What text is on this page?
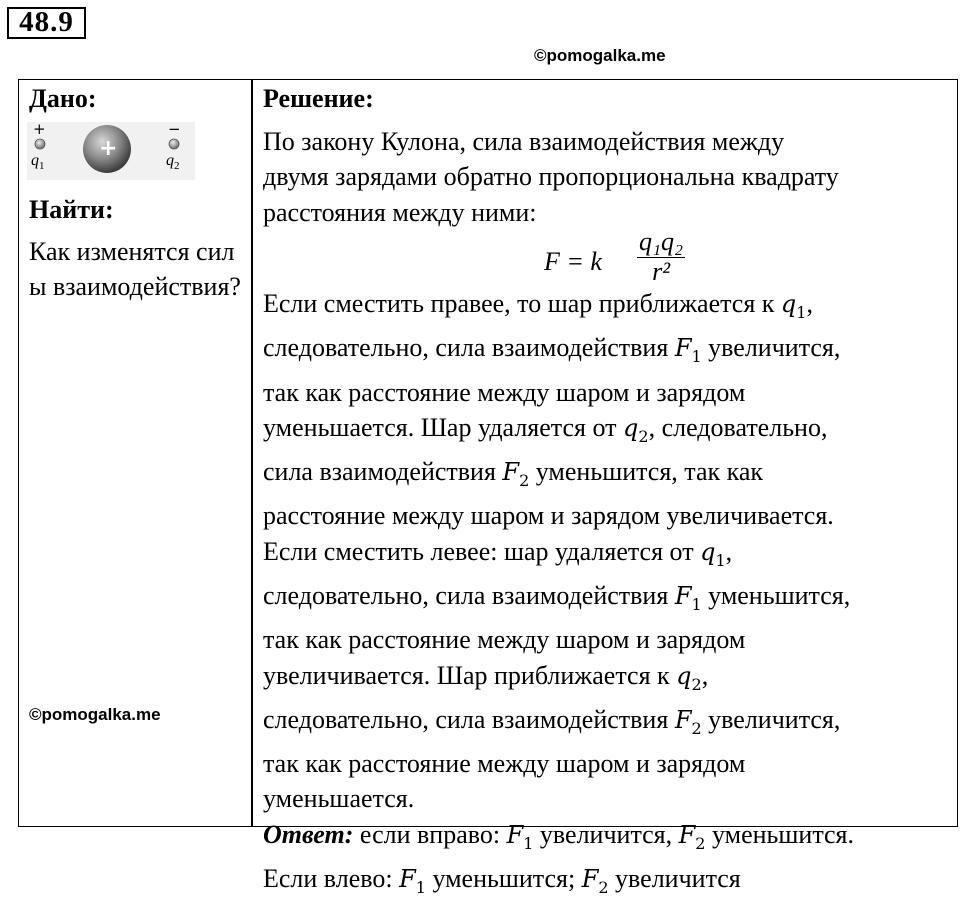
48.9
©pomogalka.me
Дано:
+
+
−
$q_1$	$q_2$
Найти:
Как изменятся силы взаимодействия?
©pomogalka.me
Решение:
По закону Кулона, сила взаимодействия между
двумя зарядами обратно пропорциональна квадрату
расстояния между ними:
F = k $\frac{\text{q₁q₂}}{\text{r²}}$
Если сместить правее, то шар приближается к $q_1$,
следовательно, сила взаимодействия $F_1$ увеличится,
так как расстояние между шаром и зарядом
уменьшается. Шар удаляется от $q_2$, следовательно,
сила взаимодействия $F_2$ уменьшится, так как
расстояние между шаром и зарядом увеличивается.
Если сместить левее: шар удаляется от $q_1$,
следовательно, сила взаимодействия $F_1$ уменьшится,
так как расстояние между шаром и зарядом
увеличивается. Шар приближается к $q_2$,
следовательно, сила взаимодействия $F_2$ увеличится,
так как расстояние между шаром и зарядом
уменьшается.
Ответ: если вправо: $F_1$ увеличится, $F_2$ уменьшится.
Если влево: $F_1$ уменьшится; $F_2$ увеличится
